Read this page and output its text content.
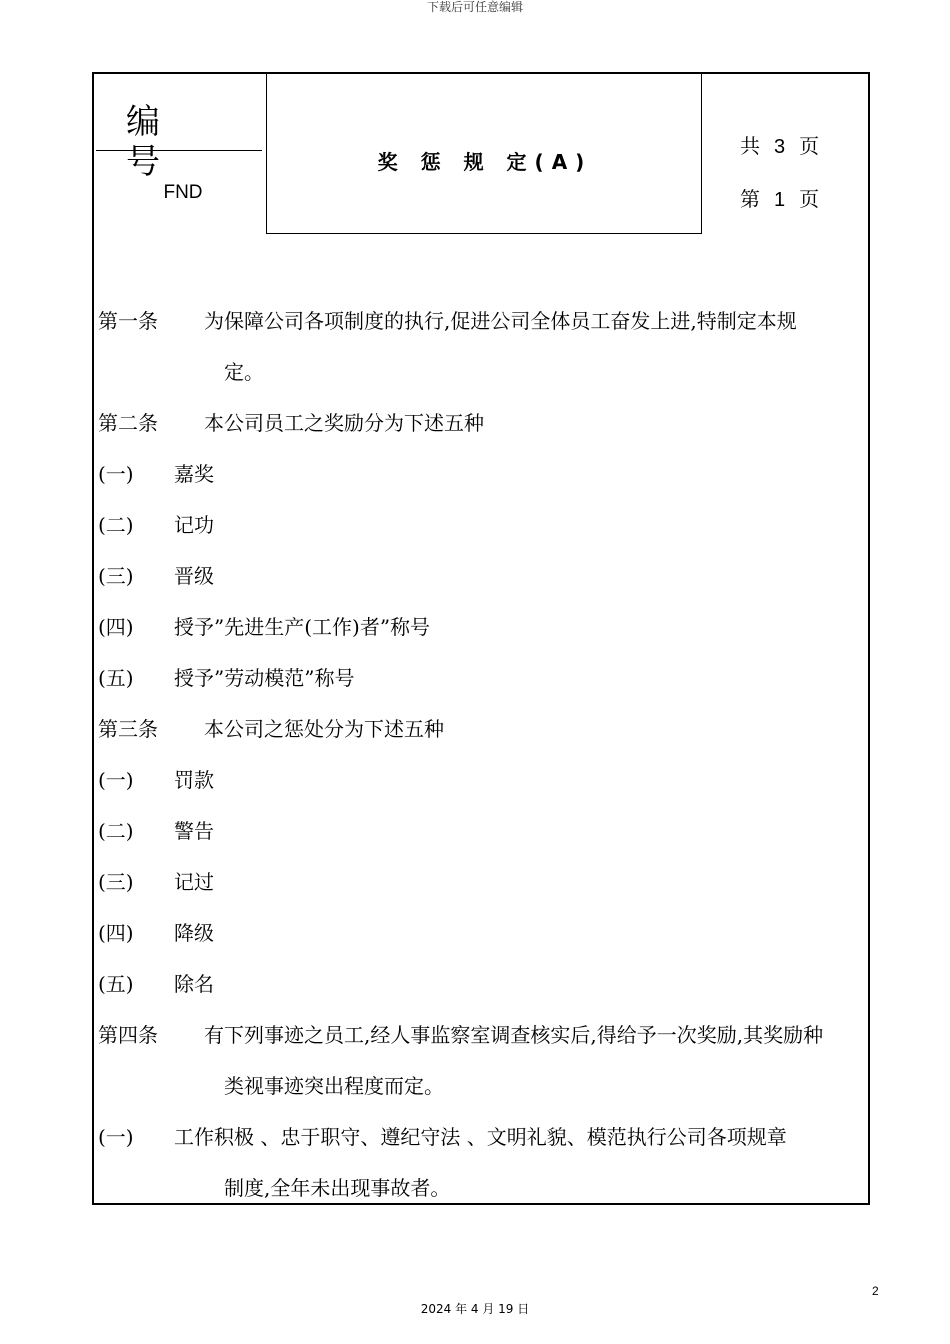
下载后可任意编辑
编号
FND
奖 惩 规 定(A)
共 3 页
第 1 页
第一条 为保障公司各项制度的执行,促进公司全体员工奋发上进,特制定本规
定。
第二条 本公司员工之奖励分为下述五种
(一) 嘉奖
(二) 记功
(三) 晋级
(四) 授予”先进生产(工作)者”称号
(五) 授予”劳动模范”称号
第三条 本公司之惩处分为下述五种
(一) 罚款
(二) 警告
(三) 记过
(四) 降级
(五) 除名
第四条 有下列事迹之员工,经人事监察室调查核实后,得给予一次奖励,其奖励种
类视事迹突出程度而定。
(一) 工作积极 、忠于职守、遵纪守法 、文明礼貌、模范执行公司各项规章
制度,全年未出现事故者。
2
2024 年 4 月 19 日
